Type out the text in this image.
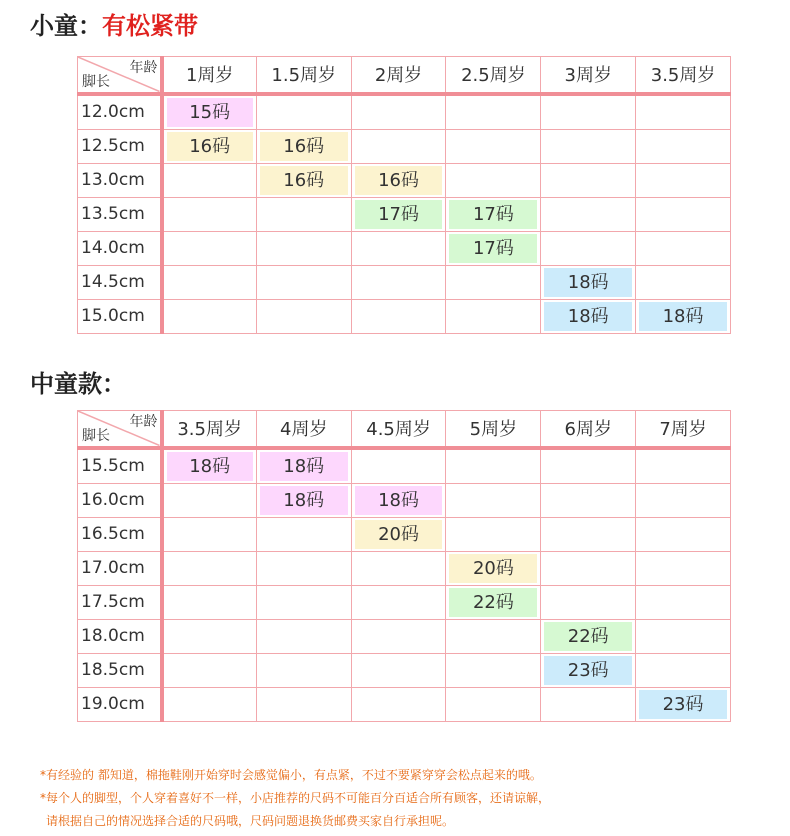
小童：有松紧带
年龄
脚长	1周岁	1.5周岁	2周岁	2.5周岁	3周岁	3.5周岁
12.0cm	15码					

12.5cm	16码	16码				

13.0cm		16码	16码			

13.5cm			17码	17码		

14.0cm				17码		

14.5cm					18码	

15.0cm					18码	18码
中童款：
年龄
脚长	3.5周岁	4周岁	4.5周岁	5周岁	6周岁	7周岁
15.5cm	18码	18码				

16.0cm		18码	18码			

16.5cm			20码			

17.0cm				20码		

17.5cm				22码		

18.0cm					22码	

18.5cm					23码	

19.0cm						23码
*有经验的 都知道，棉拖鞋刚开始穿时会感觉偏小，有点紧，不过不要紧穿穿会松点起来的哦。
*每个人的脚型，个人穿着喜好不一样，小店推荐的尺码不可能百分百适合所有顾客，还请谅解，
请根据自己的情况选择合适的尺码哦，尺码问题退换货邮费买家自行承担呢。
